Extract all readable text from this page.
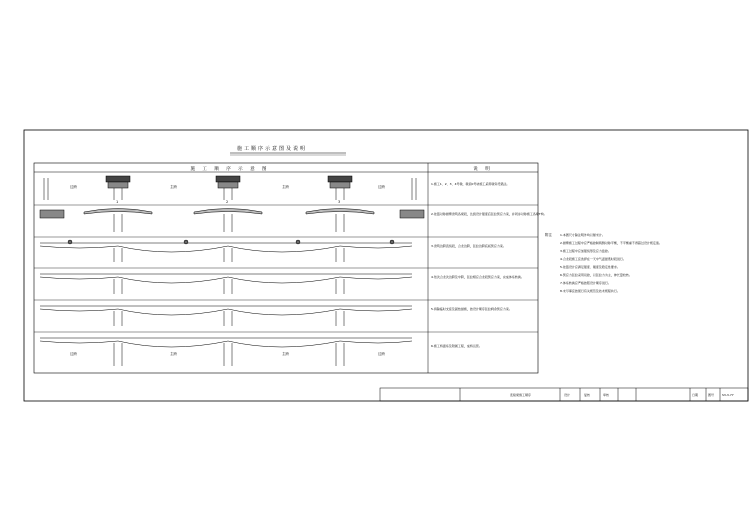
施工顺序示意图及说明
施 工 顺 序 示 意 图	说 明
边跨	主跨	主跨	边跨
1	2	3
1.施工1、2、3、4号墩，墩顶0号块施工采用墩旁托架法。
2.挂篮对称悬臂浇筑各梁段，达到设计强度后张拉预应力束，并同步对称施工各墩T构。
3.浇筑边跨直线段，合龙边跨，张拉边跨底板预应力束。
4.依次合龙次边跨及中跨，张拉相应合龙段预应力束，完成体系转换。
5.拆除临时支座及固结措施，按设计顺序张拉剩余预应力束。
边跨	主跨	主跨	边跨
6.施工桥面系及附属工程，成桥运营。
附注	1.本图尺寸除注明外均以厘米计。
2.悬臂施工过程中应严格控制两侧对称平衡，不平衡重不得超过设计规定值。
3.施工过程中应加强线形及应力监控。
4.合龙段施工宜选择在一天中气温最低时段进行。
5.挂篮设计应满足强度、刚度及稳定性要求。
6.预应力张拉采用双控，以张拉力为主，伸长量校核。
7.体系转换应严格按照设计顺序进行。
8.未尽事宜按现行有关规范及技术规程执行。
连续梁施工顺序	设计	复核	审核	日期	图号	S3-3-77
